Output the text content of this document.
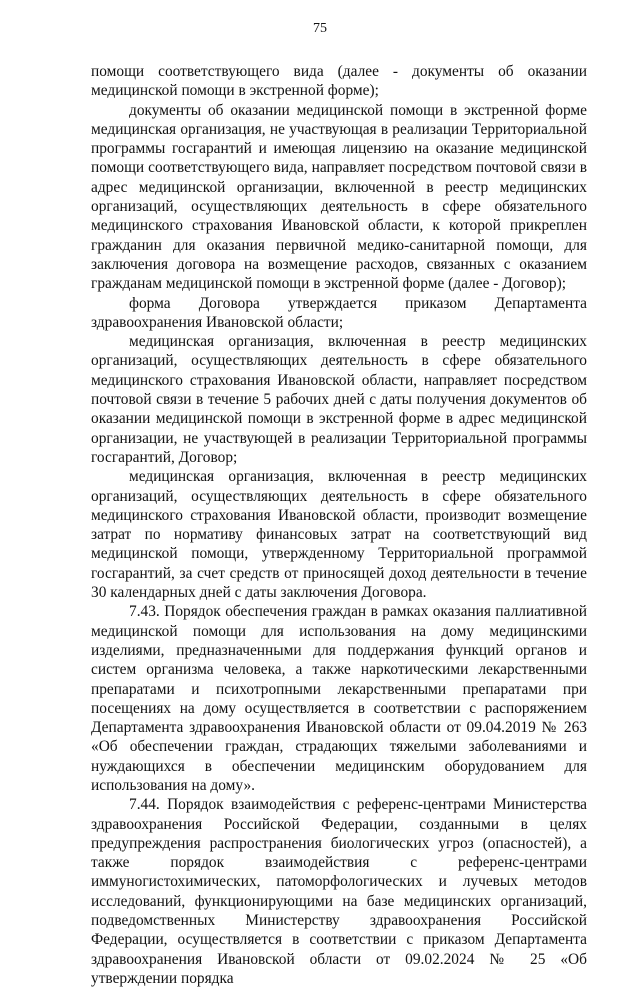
75

помощи соответствующего вида (далее - документы об оказании медицинской помощи в экстренной форме);

документы об оказании медицинской помощи в экстренной форме медицинская организация, не участвующая в реализации Территориальной программы госгарантий и имеющая лицензию на оказание медицинской помощи соответствующего вида, направляет посредством почтовой связи в адрес медицинской организации, включенной в реестр медицинских организаций, осуществляющих деятельность в сфере обязательного медицинского страхования Ивановской области, к которой прикреплен гражданин для оказания первичной медико-санитарной помощи, для заключения договора на возмещение расходов, связанных с оказанием гражданам медицинской помощи в экстренной форме (далее - Договор);

форма Договора утверждается приказом Департамента здравоохранения Ивановской области;

медицинская организация, включенная в реестр медицинских организаций, осуществляющих деятельность в сфере обязательного медицинского страхования Ивановской области, направляет посредством почтовой связи в течение 5 рабочих дней с даты получения документов об оказании медицинской помощи в экстренной форме в адрес медицинской организации, не участвующей в реализации Территориальной программы госгарантий, Договор;

медицинская организация, включенная в реестр медицинских организаций, осуществляющих деятельность в сфере обязательного медицинского страхования Ивановской области, производит возмещение затрат по нормативу финансовых затрат на соответствующий вид медицинской помощи, утвержденному Территориальной программой госгарантий, за счет средств от приносящей доход деятельности в течение 30 календарных дней с даты заключения Договора.

7.43. Порядок обеспечения граждан в рамках оказания паллиативной медицинской помощи для использования на дому медицинскими изделиями, предназначенными для поддержания функций органов и систем организма человека, а также наркотическими лекарственными препаратами и психотропными лекарственными препаратами при посещениях на дому осуществляется в соответствии с распоряжением Департамента здравоохранения Ивановской области от 09.04.2019 № 263 «Об обеспечении граждан, страдающих тяжелыми заболеваниями и нуждающихся в обеспечении медицинским оборудованием для использования на дому».

7.44. Порядок взаимодействия с референс-центрами Министерства здравоохранения Российской Федерации, созданными в целях предупреждения распространения биологических угроз (опасностей), а также порядок взаимодействия с референс-центрами иммуногистохимических, патоморфологических и лучевых методов исследований, функционирующими на базе медицинских организаций, подведомственных Министерству здравоохранения Российской Федерации, осуществляется в соответствии с приказом Департамента здравоохранения Ивановской области от 09.02.2024 № 25 «Об утверждении порядка
